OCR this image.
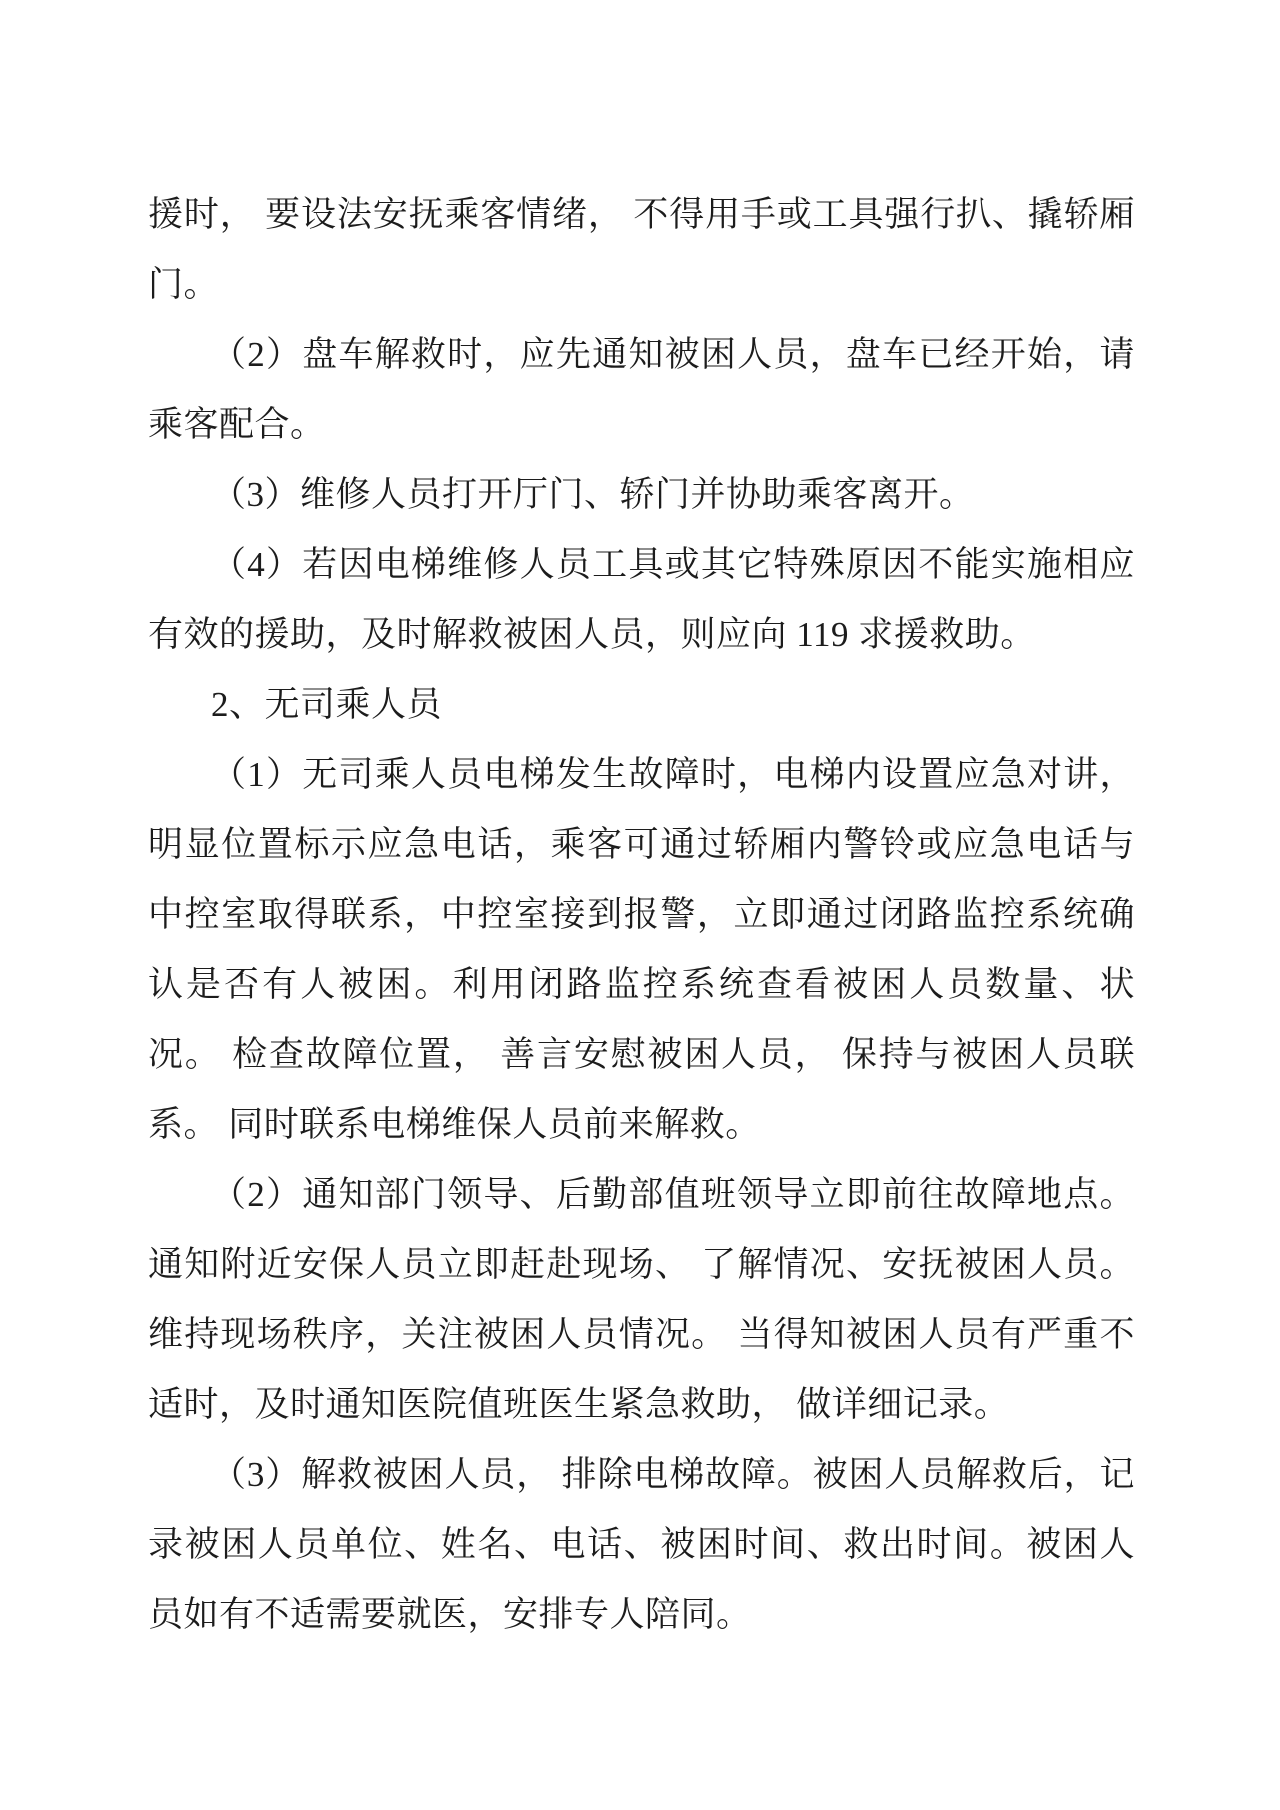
援时， 要设法安抚乘客情绪， 不得用手或工具强行扒、撬轿厢门。

（2）盘车解救时，应先通知被困人员，盘车已经开始，请乘客配合。

（3）维修人员打开厅门、轿门并协助乘客离开。

（4）若因电梯维修人员工具或其它特殊原因不能实施相应有效的援助，及时解救被困人员，则应向 119 求援救助。

2、无司乘人员

（1）无司乘人员电梯发生故障时，电梯内设置应急对讲，明显位置标示应急电话，乘客可通过轿厢内警铃或应急电话与中控室取得联系，中控室接到报警，立即通过闭路监控系统确认是否有人被困。利用闭路监控系统查看被困人员数量、状况。 检查故障位置， 善言安慰被困人员， 保持与被困人员联系。 同时联系电梯维保人员前来解救。

（2）通知部门领导、后勤部值班领导立即前往故障地点。通知附近安保人员立即赶赴现场、 了解情况、安抚被困人员。维持现场秩序，关注被困人员情况。 当得知被困人员有严重不适时，及时通知医院值班医生紧急救助， 做详细记录。

（3）解救被困人员， 排除电梯故障。被困人员解救后，记录被困人员单位、姓名、电话、被困时间、救出时间。被困人员如有不适需要就医，安排专人陪同。
